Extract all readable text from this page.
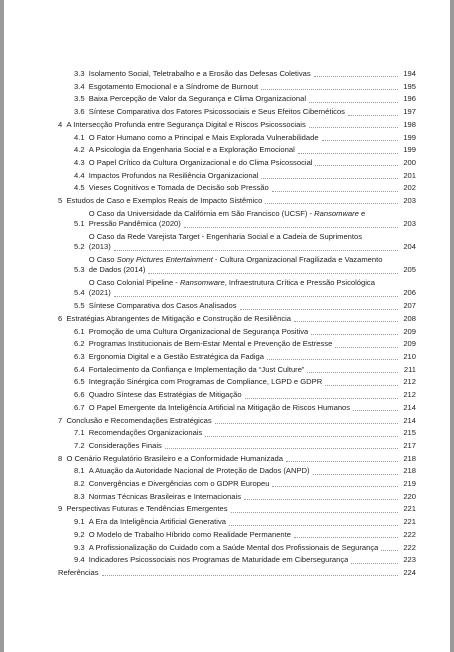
3.3 Isolamento Social, Teletrabalho e a Erosão das Defesas Coletivas	194
3.4 Esgotamento Emocional e a Síndrome de Burnout	195
3.5 Baixa Percepção de Valor da Segurança e Clima Organizacional	196
3.6 Síntese Comparativa dos Fatores Psicossociais e Seus Efeitos Cibernéticos	197
4 A Intersecção Profunda entre Segurança Digital e Riscos Psicossociais	198
4.1 O Fator Humano como a Principal e Mais Explorada Vulnerabilidade	199
4.2 A Psicologia da Engenharia Social e a Exploração Emocional	199
4.3 O Papel Crítico da Cultura Organizacional e do Clima Psicossocial	200
4.4 Impactos Profundos na Resiliência Organizacional	201
4.5 Vieses Cognitivos e Tomada de Decisão sob Pressão	202
5 Estudos de Caso e Exemplos Reais de Impacto Sistêmico	203
5.1
O Caso da Universidade da Califórnia em São Francisco (UCSF) - Ransomware e
Pressão Pandêmica (2020)	203
5.2
O Caso da Rede Varejista Target - Engenharia Social e a Cadeia de Suprimentos
(2013)	204
5.3
O Caso Sony Pictures Entertainment - Cultura Organizacional Fragilizada e Vazamento
de Dados (2014)	205
5.4
O Caso Colonial Pipeline - Ransomware, Infraestrutura Crítica e Pressão Psicológica
(2021)	206
5.5 Síntese Comparativa dos Casos Analisados	207
6 Estratégias Abrangentes de Mitigação e Construção de Resiliência	208
6.1 Promoção de uma Cultura Organizacional de Segurança Positiva	209
6.2 Programas Institucionais de Bem-Estar Mental e Prevenção de Estresse	209
6.3 Ergonomia Digital e a Gestão Estratégica da Fadiga	210
6.4 Fortalecimento da Confiança e Implementação da “Just Culture”	211
6.5 Integração Sinérgica com Programas de Compliance, LGPD e GDPR	212
6.6 Quadro Síntese das Estratégias de Mitigação	212
6.7 O Papel Emergente da Inteligência Artificial na Mitigação de Riscos Humanos	214
7 Conclusão e Recomendações Estratégicas	214
7.1 Recomendações Organizacionais	215
7.2 Considerações Finais	217
8 O Cenário Regulatório Brasileiro e a Conformidade Humanizada	218
8.1 A Atuação da Autoridade Nacional de Proteção de Dados (ANPD)	218
8.2 Convergências e Divergências com o GDPR Europeu	219
8.3 Normas Técnicas Brasileiras e Internacionais	220
9 Perspectivas Futuras e Tendências Emergentes	221
9.1 A Era da Inteligência Artificial Generativa	221
9.2 O Modelo de Trabalho Híbrido como Realidade Permanente	222
9.3 A Profissionalização do Cuidado com a Saúde Mental dos Profissionais de Segurança	222
9.4 Indicadores Psicossociais nos Programas de Maturidade em Cibersegurança	223
Referências	224
